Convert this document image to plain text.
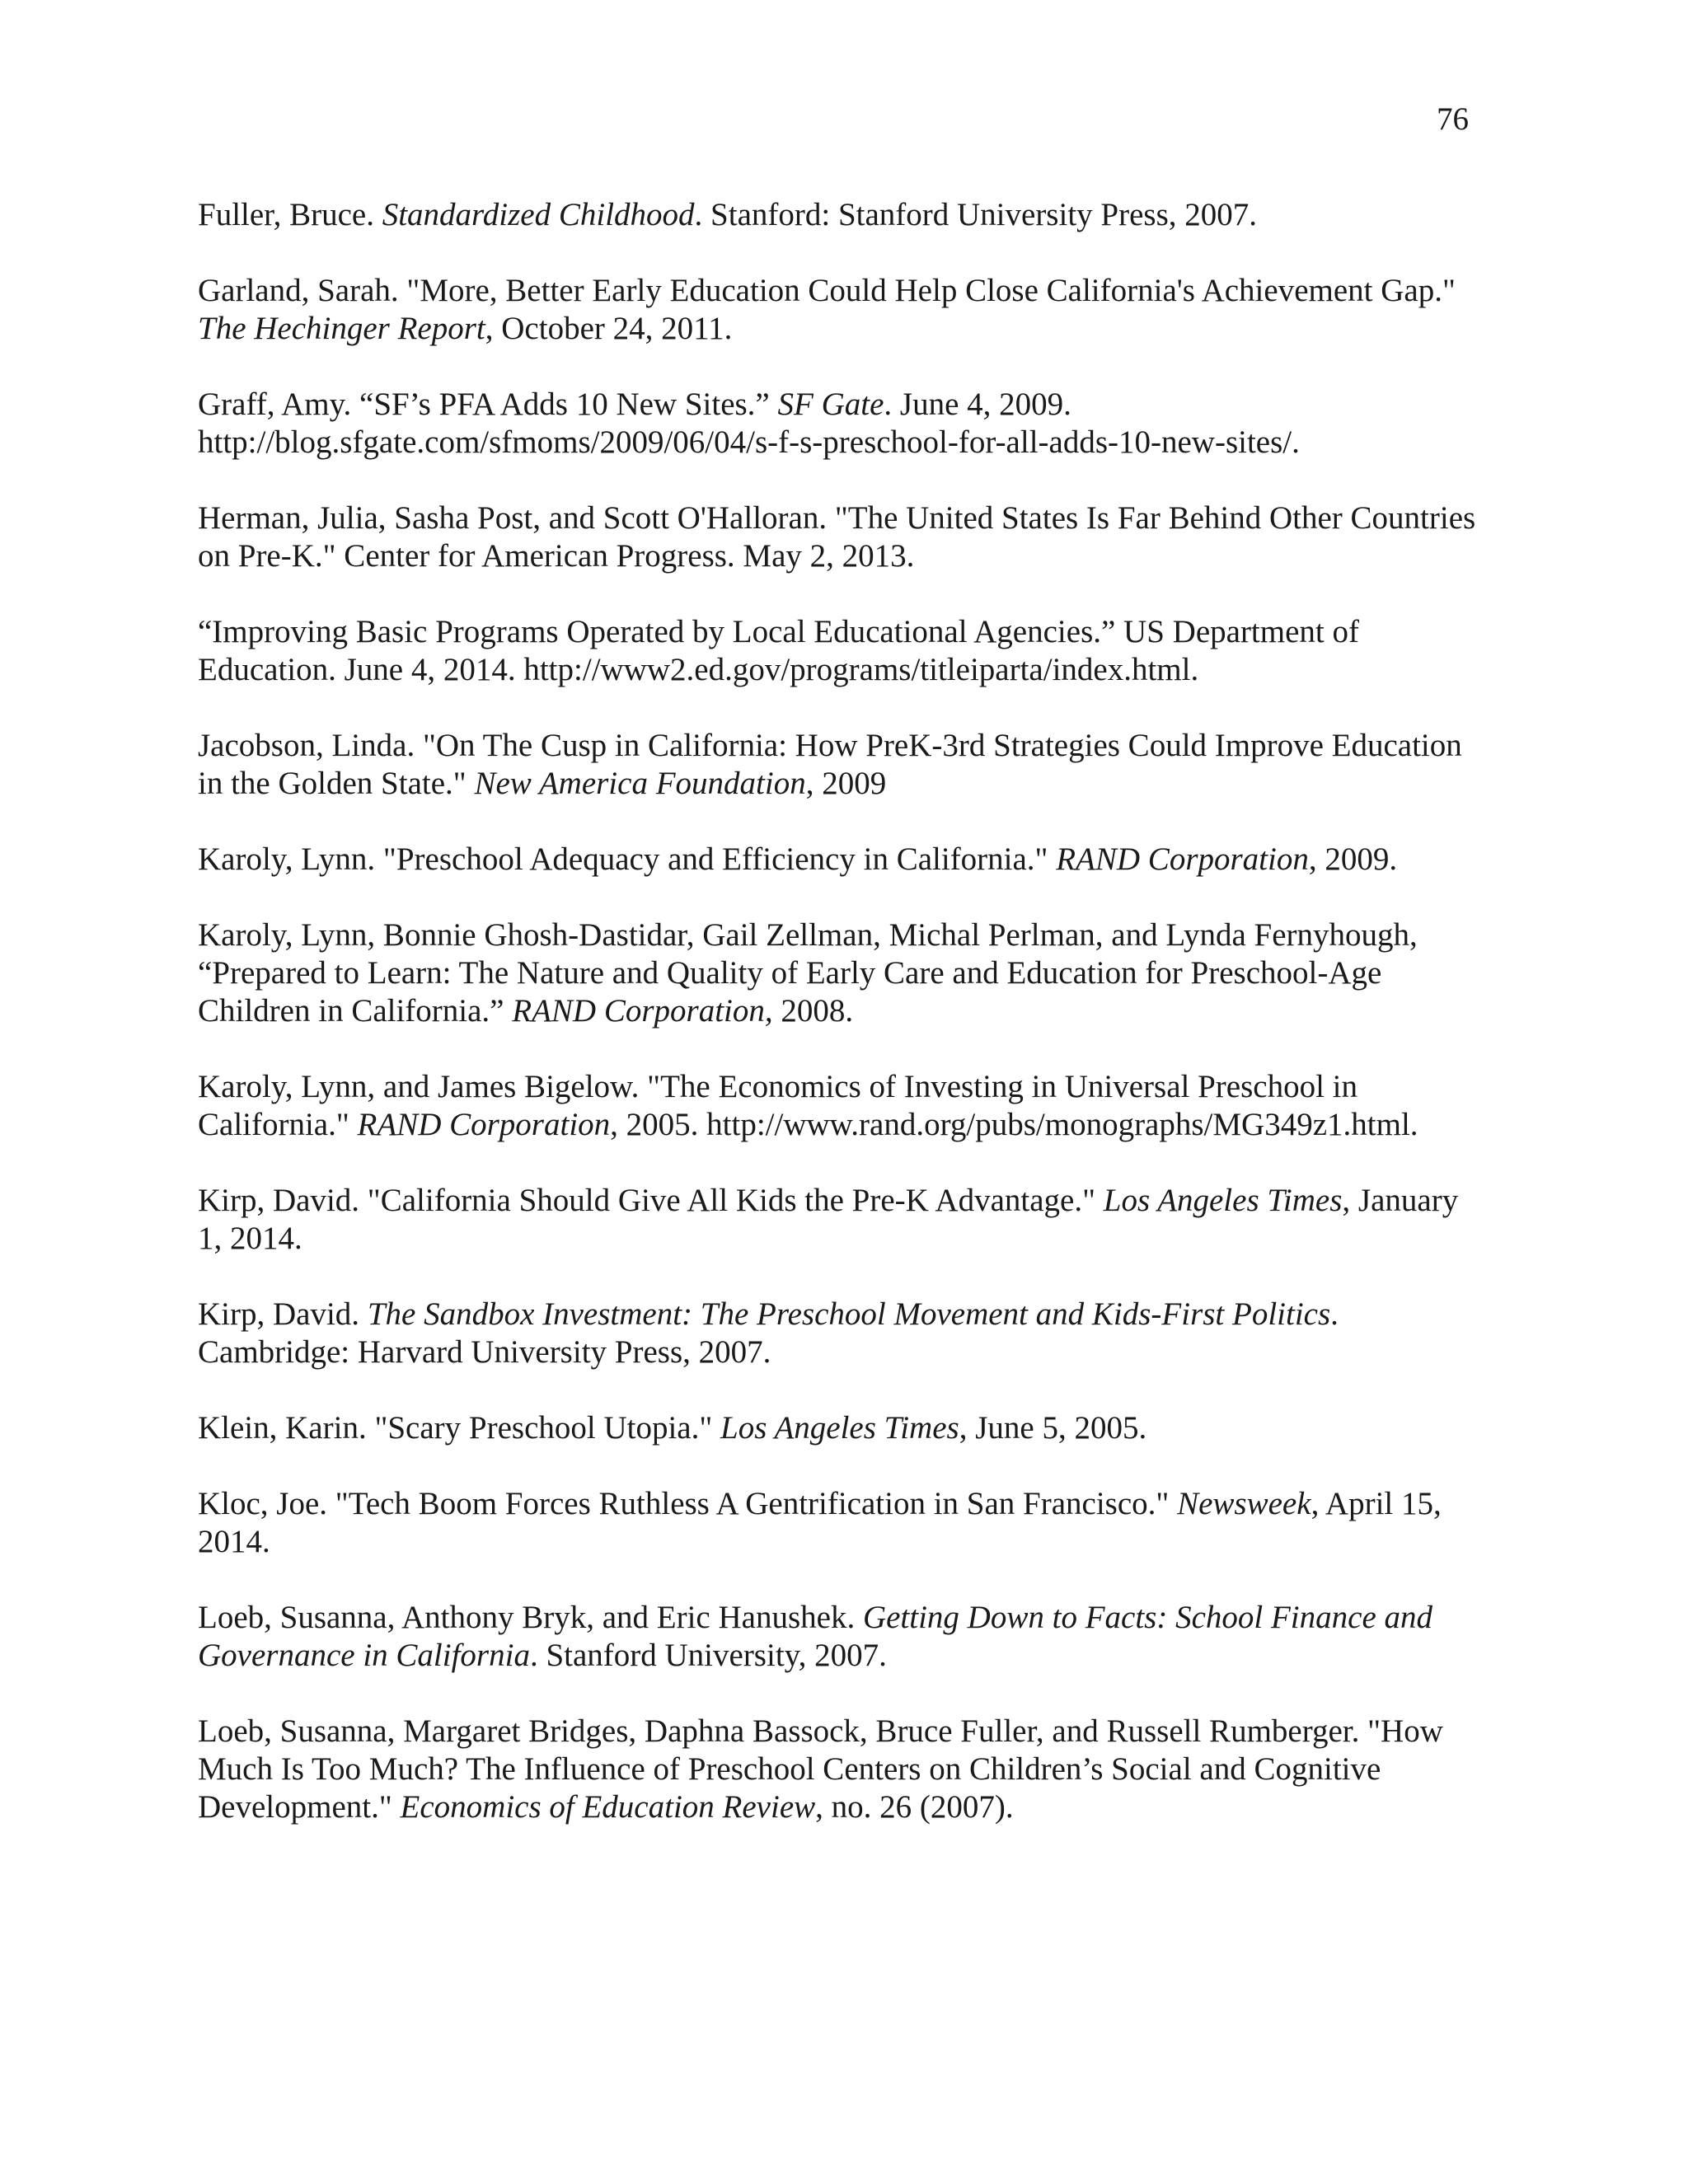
76

Fuller, Bruce. Standardized Childhood. Stanford: Stanford University Press, 2007.

Garland, Sarah. "More, Better Early Education Could Help Close California's Achievement Gap." The Hechinger Report, October 24, 2011.

Graff, Amy. “SF’s PFA Adds 10 New Sites.” SF Gate. June 4, 2009. http://blog.sfgate.com/sfmoms/2009/06/04/s-f-s-preschool-for-all-adds-10-new-sites/.

Herman, Julia, Sasha Post, and Scott O'Halloran. "The United States Is Far Behind Other Countries on Pre-K." Center for American Progress. May 2, 2013.

“Improving Basic Programs Operated by Local Educational Agencies.” US Department of Education. June 4, 2014. http://www2.ed.gov/programs/titleiparta/index.html.

Jacobson, Linda. "On The Cusp in California: How PreK-3rd Strategies Could Improve Education in the Golden State." New America Foundation, 2009

Karoly, Lynn. "Preschool Adequacy and Efficiency in California." RAND Corporation, 2009.

Karoly, Lynn, Bonnie Ghosh-Dastidar, Gail Zellman, Michal Perlman, and Lynda Fernyhough, “Prepared to Learn: The Nature and Quality of Early Care and Education for Preschool-Age Children in California.” RAND Corporation, 2008.

Karoly, Lynn, and James Bigelow. "The Economics of Investing in Universal Preschool in California." RAND Corporation, 2005. http://www.rand.org/pubs/monographs/MG349z1.html.

Kirp, David. "California Should Give All Kids the Pre-K Advantage." Los Angeles Times, January 1, 2014.

Kirp, David. The Sandbox Investment: The Preschool Movement and Kids-First Politics. Cambridge: Harvard University Press, 2007.

Klein, Karin. "Scary Preschool Utopia." Los Angeles Times, June 5, 2005.

Kloc, Joe. "Tech Boom Forces Ruthless A Gentrification in San Francisco." Newsweek, April 15, 2014.

Loeb, Susanna, Anthony Bryk, and Eric Hanushek. Getting Down to Facts: School Finance and Governance in California. Stanford University, 2007.

Loeb, Susanna, Margaret Bridges, Daphna Bassock, Bruce Fuller, and Russell Rumberger. "How Much Is Too Much? The Influence of Preschool Centers on Children’s Social and Cognitive Development." Economics of Education Review, no. 26 (2007).
